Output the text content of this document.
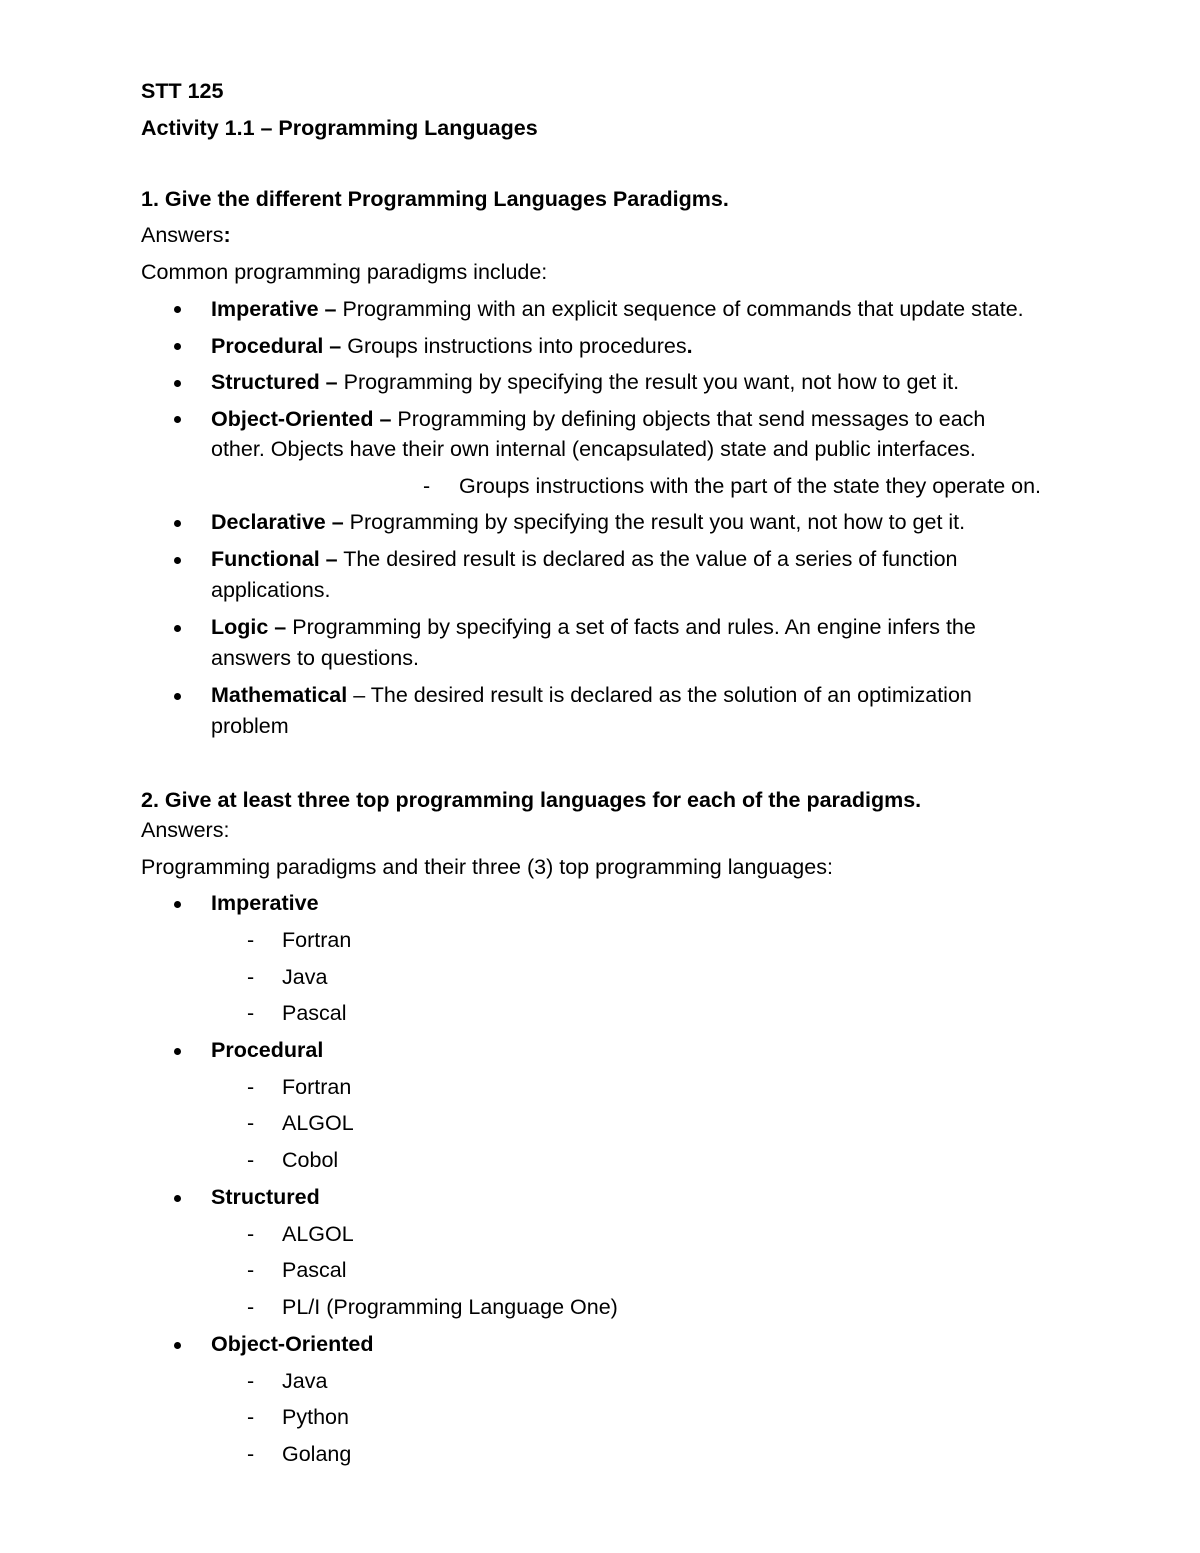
STT 125
Activity 1.1 – Programming Languages
1. Give the different Programming Languages Paradigms.
Answers:
Common programming paradigms include:
Imperative – Programming with an explicit sequence of commands that update state.
Procedural – Groups instructions into procedures.
Structured – Programming by specifying the result you want, not how to get it.
Object-Oriented – Programming by defining objects that send messages to each
other. Objects have their own internal (encapsulated) state and public interfaces.
- Groups instructions with the part of the state they operate on.
Declarative – Programming by specifying the result you want, not how to get it.
Functional – The desired result is declared as the value of a series of function
applications.
Logic – Programming by specifying a set of facts and rules. An engine infers the
answers to questions.
Mathematical – The desired result is declared as the solution of an optimization
problem
2. Give at least three top programming languages for each of the paradigms.
Answers:
Programming paradigms and their three (3) top programming languages:
Imperative
- Fortran
- Java
- Pascal
Procedural
- Fortran
- ALGOL
- Cobol
Structured
- ALGOL
- Pascal
- PL/I (Programming Language One)
Object-Oriented
- Java
- Python
- Golang
